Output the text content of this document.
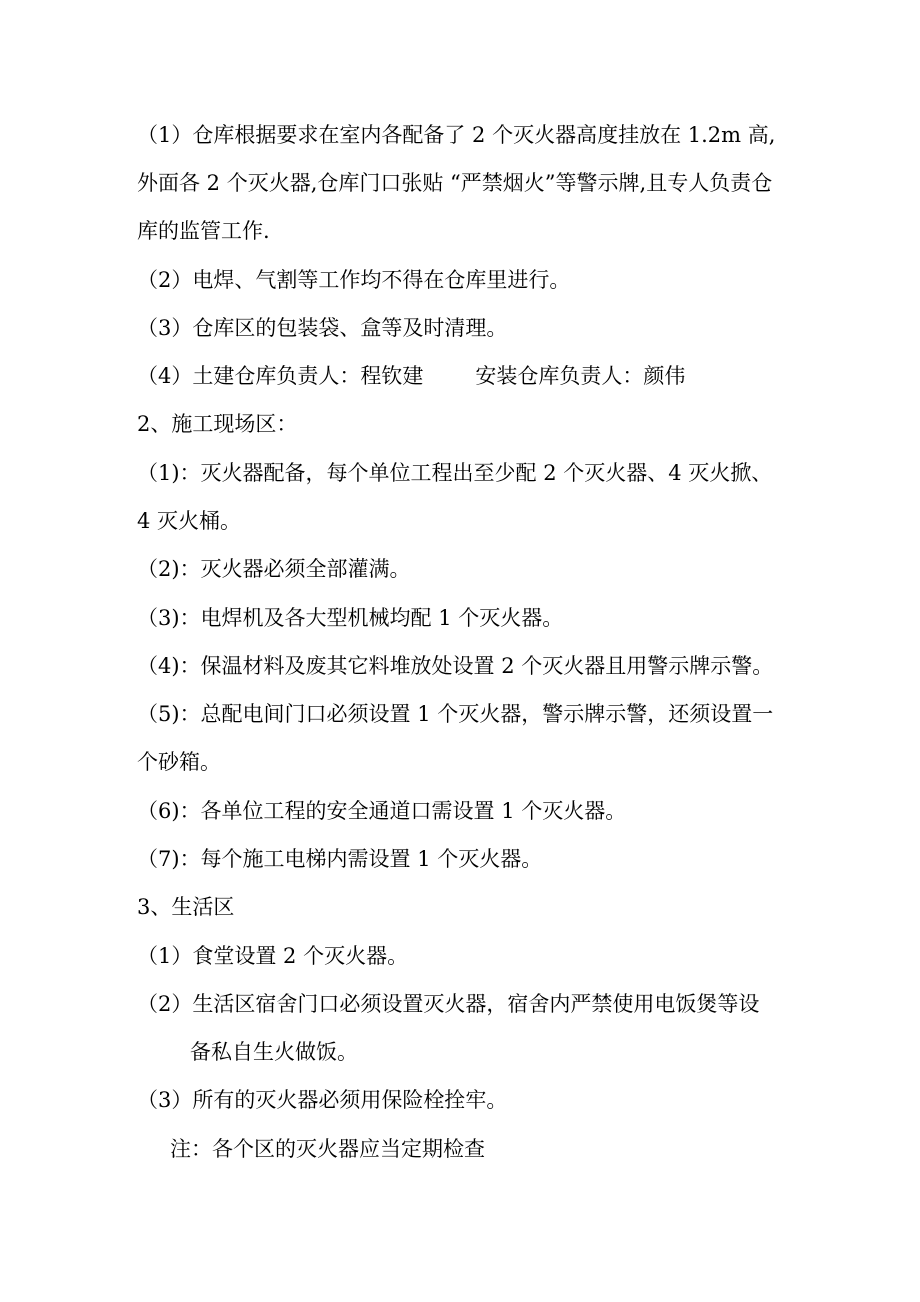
（1）仓库根据要求在室内各配备了 2 个灭火器高度挂放在 1.2m 高,
外面各 2 个灭火器,仓库门口张贴 “严禁烟火”等警示牌,且专人负责仓
库的监管工作.
（2）电焊、气割等工作均不得在仓库里进行。
（3）仓库区的包装袋、盒等及时清理。
（4）土建仓库负责人：程钦建 安装仓库负责人：颜伟
2、施工现场区：
（1)：灭火器配备，每个单位工程出至少配 2 个灭火器、4 灭火掀、
4 灭火桶。
（2)：灭火器必须全部灌满。
（3)：电焊机及各大型机械均配 1 个灭火器。
（4)：保温材料及废其它料堆放处设置 2 个灭火器且用警示牌示警。
（5)：总配电间门口必须设置 1 个灭火器，警示牌示警，还须设置一
个砂箱。
（6)：各单位工程的安全通道口需设置 1 个灭火器。
（7)：每个施工电梯内需设置 1 个灭火器。
3、生活区
（1）食堂设置 2 个灭火器。
（2）生活区宿舍门口必须设置灭火器，宿舍内严禁使用电饭煲等设
备私自生火做饭。
（3）所有的灭火器必须用保险栓拴牢。
注：各个区的灭火器应当定期检查
